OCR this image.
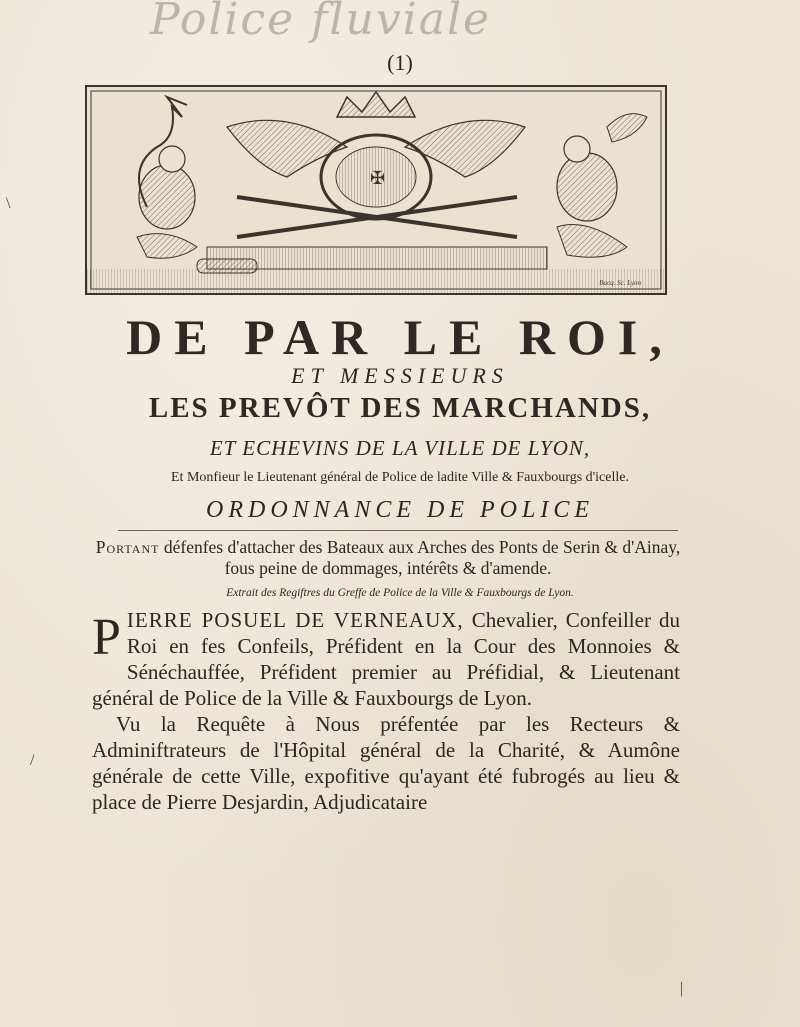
Police fluviale
(1)
✠
Bacq. Sc. Lyon
DE PAR LE ROI,
ET MESSIEURS
LES PREVÔT DES MARCHANDS,
ET ECHEVINS DE LA VILLE DE LYON,
Et Monfieur le Lieutenant général de Police de ladite Ville & Fauxbourgs d'icelle.
ORDONNANCE DE POLICE
Portant défenfes d'attacher des Bateaux aux Arches des Ponts de Serin & d'Ainay, fous peine de dommages, intérêts & d'amende.
Extrait des Regiftres du Greffe de Police de la Ville & Fauxbourgs de Lyon.

P IERRE POSUEL DE VERNEAUX, Chevalier, Confeiller du Roi en fes Confeils, Préfident en la Cour des Monnoies & Sénéchauffée, Préfident premier au Préfidial, & Lieutenant général de Police de la Ville & Fauxbourgs de Lyon.

Vu la Requête à Nous préfentée par les Recteurs & Adminiftrateurs de l'Hôpital général de la Charité, & Aumône générale de cette Ville, expofitive qu'ayant été fubrogés au lieu & place de Pierre Desjardin, Adjudicataire

\
/
|
